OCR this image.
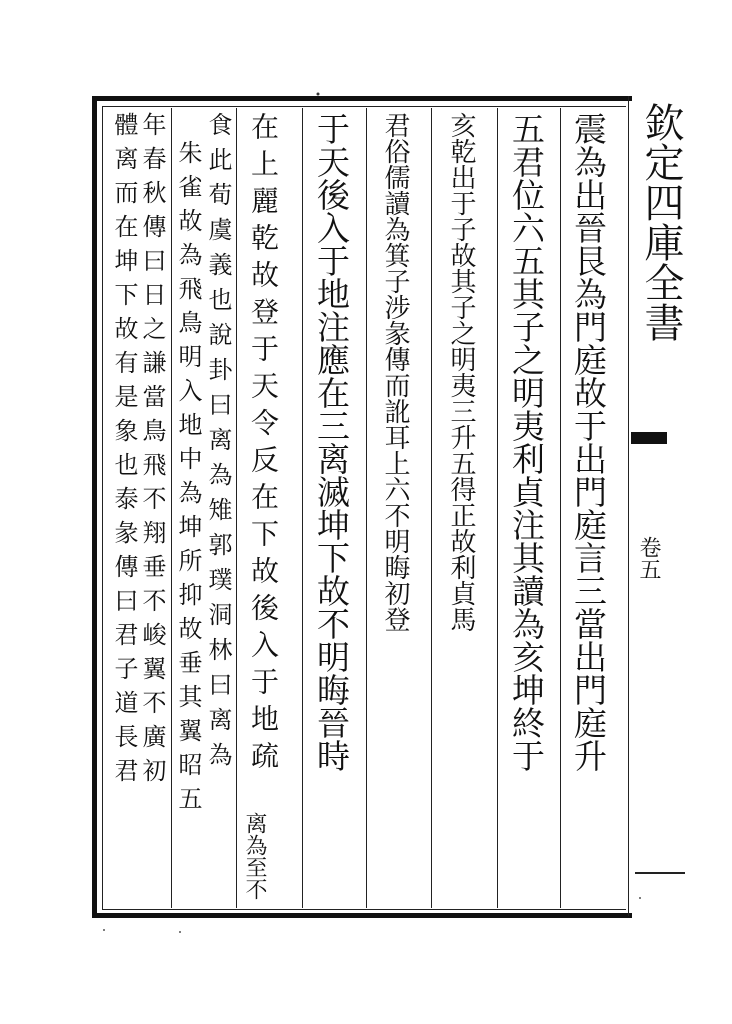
震為出晉艮為門庭故于出門庭言三當出門庭升
五君位六五其子之明夷利貞注其讀為亥坤終于
亥乾出于子故其子之明夷三升五得正故利貞馬
君俗儒讀為箕子涉彖傳而訛耳上六不明晦初登
于天後入于地注應在三离滅坤下故不明晦晉時
在上麗乾故登于天令反在下故後入于地疏
离為至不
食此荀虞義也說卦曰离為雉郭璞洞林曰离為
朱雀故為飛鳥明入地中為坤所抑故垂其翼昭五
年春秋傳曰日之謙當鳥飛不翔垂不峻翼不廣初
體离而在坤下故有是象也泰彖傳曰君子道長君	欽定四庫全書
卷五
